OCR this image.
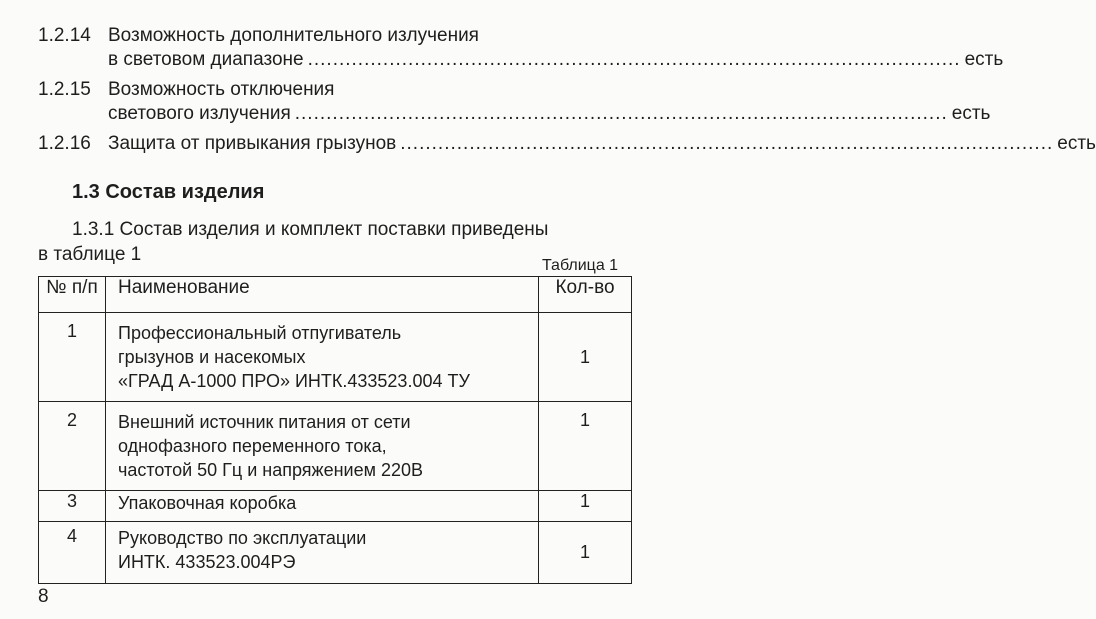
1.2.14 Возможность дополнительного излучения
в световом диапазоне ........................................................................................................ есть
1.2.15 Возможность отключения
светового излучения ........................................................................................................ есть
1.2.16 Защита от привыкания грызунов ........................................................................................................ есть
1.3 Состав изделия
1.3.1 Состав изделия и комплект поставки приведены
в таблице 1
Таблица 1
№ п/п	Наименование	Кол-во
1	Профессиональный отпугиватель
грызунов и насекомых
«ГРАД А-1000 ПРО» ИНТК.433523.004 ТУ	1
2	Внешний источник питания от сети
однофазного переменного тока,
частотой 50 Гц и напряжением 220В	1
3	Упаковочная коробка	1
4	Руководство по эксплуатации
ИНТК. 433523.004РЭ	1
8
